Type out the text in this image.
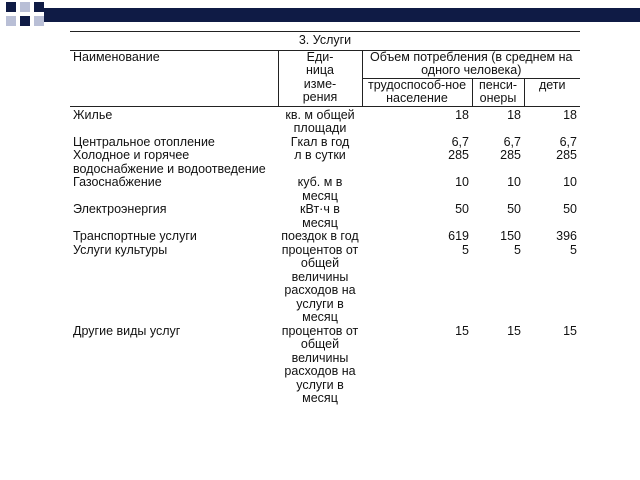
3. Услуги				
Наименование	Еди-
ница
изме-
рения	Объем потребления (в среднем на одного человека)		
		трудоспособ-ное население	пенси-онеры	дети
Жилье	кв. м общей площади	18	18	18
Центральное отопление	Гкал в год	6,7	6,7	6,7
Холодное и горячее водоснабжение и водоотведение	л в сутки	285	285	285
Газоснабжение	куб. м в месяц	10	10	10
Электроэнергия	кВт·ч в месяц	50	50	50
Транспортные услуги	поездок в год	619	150	396
Услуги культуры	процентов от общей величины расходов на услуги в месяц	5	5	5
Другие виды услуг	процентов от общей величины расходов на услуги в месяц	15	15	15
